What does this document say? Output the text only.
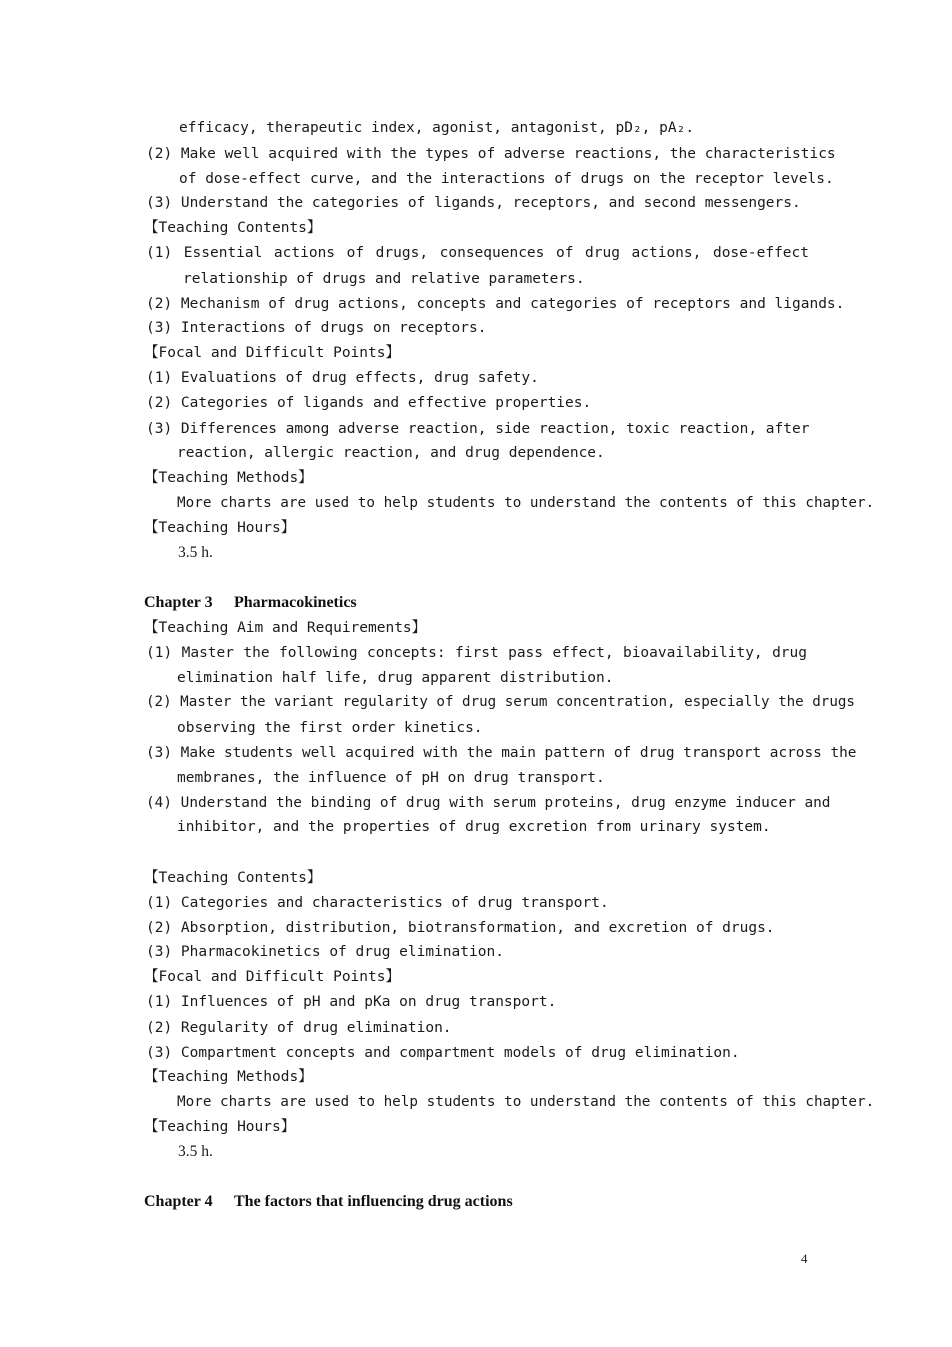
efficacy, therapeutic index, agonist, antagonist, pD₂, pA₂.
(2) Make well acquired with the types of adverse reactions, the characteristics
of dose-effect curve, and the interactions of drugs on the receptor levels.
(3) Understand the categories of ligands, receptors, and second messengers.
【Teaching Contents】
(1) Essential actions of drugs, consequences of drug actions, dose-effect
relationship of drugs and relative parameters.
(2) Mechanism of drug actions, concepts and categories of receptors and ligands.
(3) Interactions of drugs on receptors.
【Focal and Difficult Points】
(1) Evaluations of drug effects, drug safety.
(2) Categories of ligands and effective properties.
(3) Differences among adverse reaction, side reaction, toxic reaction, after
reaction, allergic reaction, and drug dependence.
【Teaching Methods】
More charts are used to help students to understand the contents of this chapter.
【Teaching Hours】
3.5 h.
Chapter 3 Pharmacokinetics
【Teaching Aim and Requirements】
(1) Master the following concepts: first pass effect, bioavailability, drug
elimination half life, drug apparent distribution.
(2) Master the variant regularity of drug serum concentration, especially the drugs
observing the first order kinetics.
(3) Make students well acquired with the main pattern of drug transport across the
membranes, the influence of pH on drug transport.
(4) Understand the binding of drug with serum proteins, drug enzyme inducer and
inhibitor, and the properties of drug excretion from urinary system.
【Teaching Contents】
(1) Categories and characteristics of drug transport.
(2) Absorption, distribution, biotransformation, and excretion of drugs.
(3) Pharmacokinetics of drug elimination.
【Focal and Difficult Points】
(1) Influences of pH and pKa on drug transport.
(2) Regularity of drug elimination.
(3) Compartment concepts and compartment models of drug elimination.
【Teaching Methods】
More charts are used to help students to understand the contents of this chapter.
【Teaching Hours】
3.5 h.
Chapter 4 The factors that influencing drug actions
4
